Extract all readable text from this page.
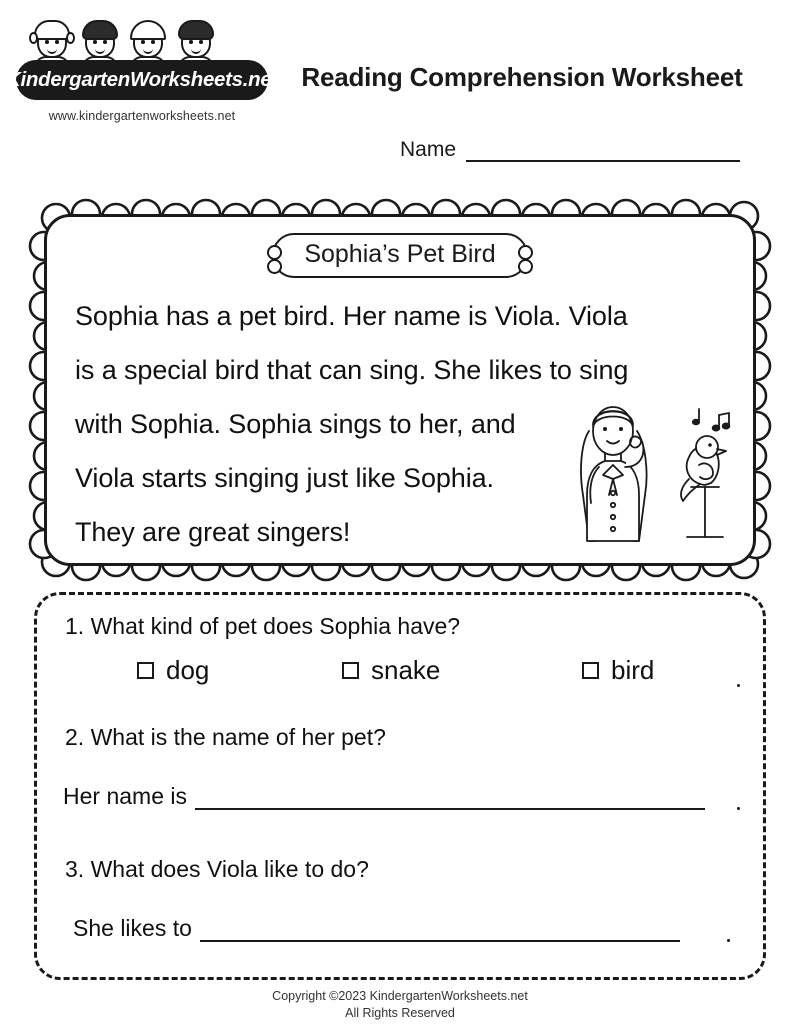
KindergartenWorksheets.net
www.kindergartenworksheets.net
Reading Comprehension Worksheet
Name
Sophia’s Pet Bird
Sophia has a pet bird. Her name is Viola. Viola
is a special bird that can sing. She likes to sing
with Sophia. Sophia sings to her, and
Viola starts singing just like Sophia.
They are great singers!
1. What kind of pet does Sophia have?
dog	snake	bird
2. What is the name of her pet?
Her name is
3. What does Viola like to do?
She likes to
Copyright ©2023 KindergartenWorksheets.net
All Rights Reserved
